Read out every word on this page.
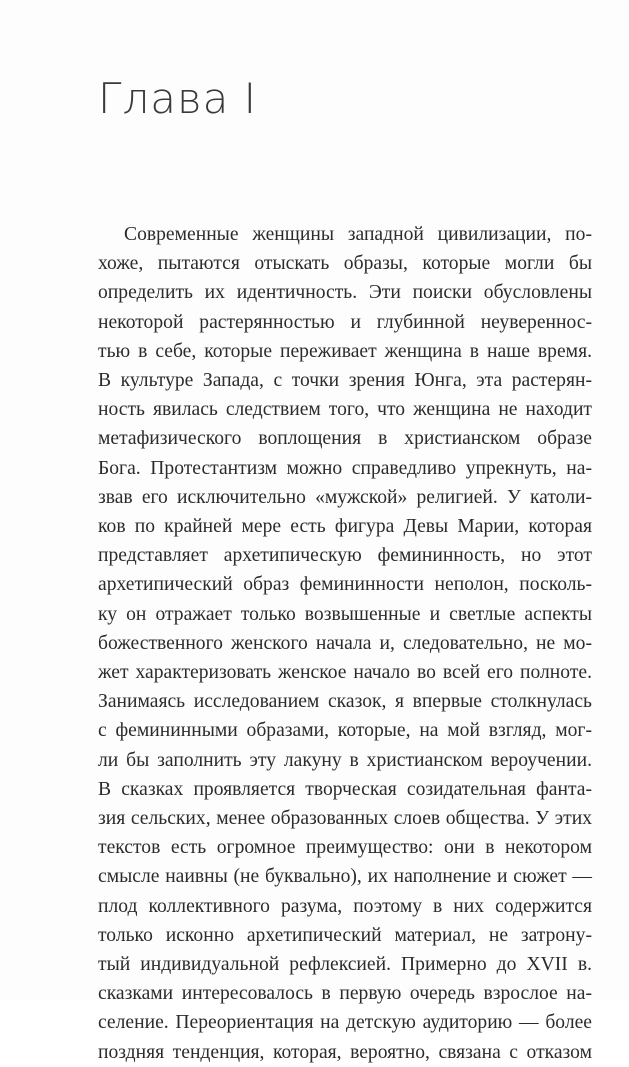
Глава I
Современные женщины западной цивилизации, по-
хоже, пытаются отыскать образы, которые могли бы
определить их идентичность. Эти поиски обусловлены
некоторой растерянностью и глубинной неувереннос-
тью в себе, которые переживает женщина в наше время.
В культуре Запада, с точки зрения Юнга, эта растерян-
ность явилась следствием того, что женщина не находит
метафизического воплощения в христианском образе
Бога. Протестантизм можно справедливо упрекнуть, на-
звав его исключительно «мужской» религией. У католи-
ков по крайней мере есть фигура Девы Марии, которая
представляет архетипическую фемининность, но этот
архетипический образ фемининности неполон, посколь-
ку он отражает только возвышенные и светлые аспекты
божественного женского начала и, следовательно, не мо-
жет характеризовать женское начало во всей его полноте.
Занимаясь исследованием сказок, я впервые столкнулась
с фемининными образами, которые, на мой взгляд, мог-
ли бы заполнить эту лакуну в христианском вероучении.
В сказках проявляется творческая созидательная фанта-
зия сельских, менее образованных слоев общества. У этих
текстов есть огромное преимущество: они в некотором
смысле наивны (не буквально), их наполнение и сюжет —
плод коллективного разума, поэтому в них содержится
только исконно архетипический материал, не затрону-
тый индивидуальной рефлексией. Примерно до XVII в.
сказками интересовалось в первую очередь взрослое на-
селение. Переориентация на детскую аудиторию — более
поздняя тенденция, которая, вероятно, связана с отказом
